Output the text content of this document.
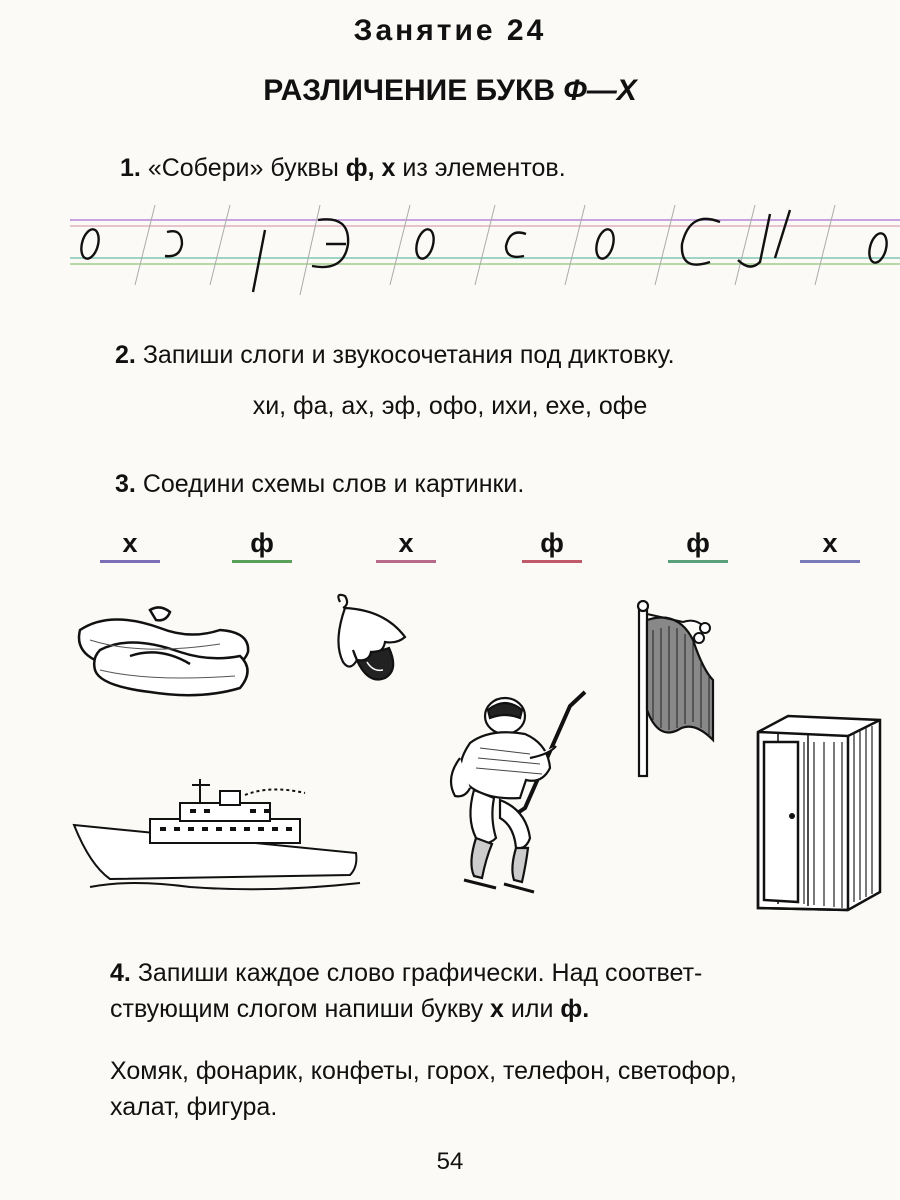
Занятие 24
РАЗЛИЧЕНИЕ БУКВ Ф—Х
1. «Собери» буквы ф, х из элементов.
2. Запиши слоги и звукосочетания под диктовку.
хи, фа, ах, эф, офо, ихи, ехе, офе
3. Соедини схемы слов и картинки.
х	ф	х	ф	ф	х
4. Запиши каждое слово графически. Над соответ-
ствующим слогом напиши букву х или ф.
Хомяк, фонарик, конфеты, горох, телефон, светофор,
халат, фигура.
54
